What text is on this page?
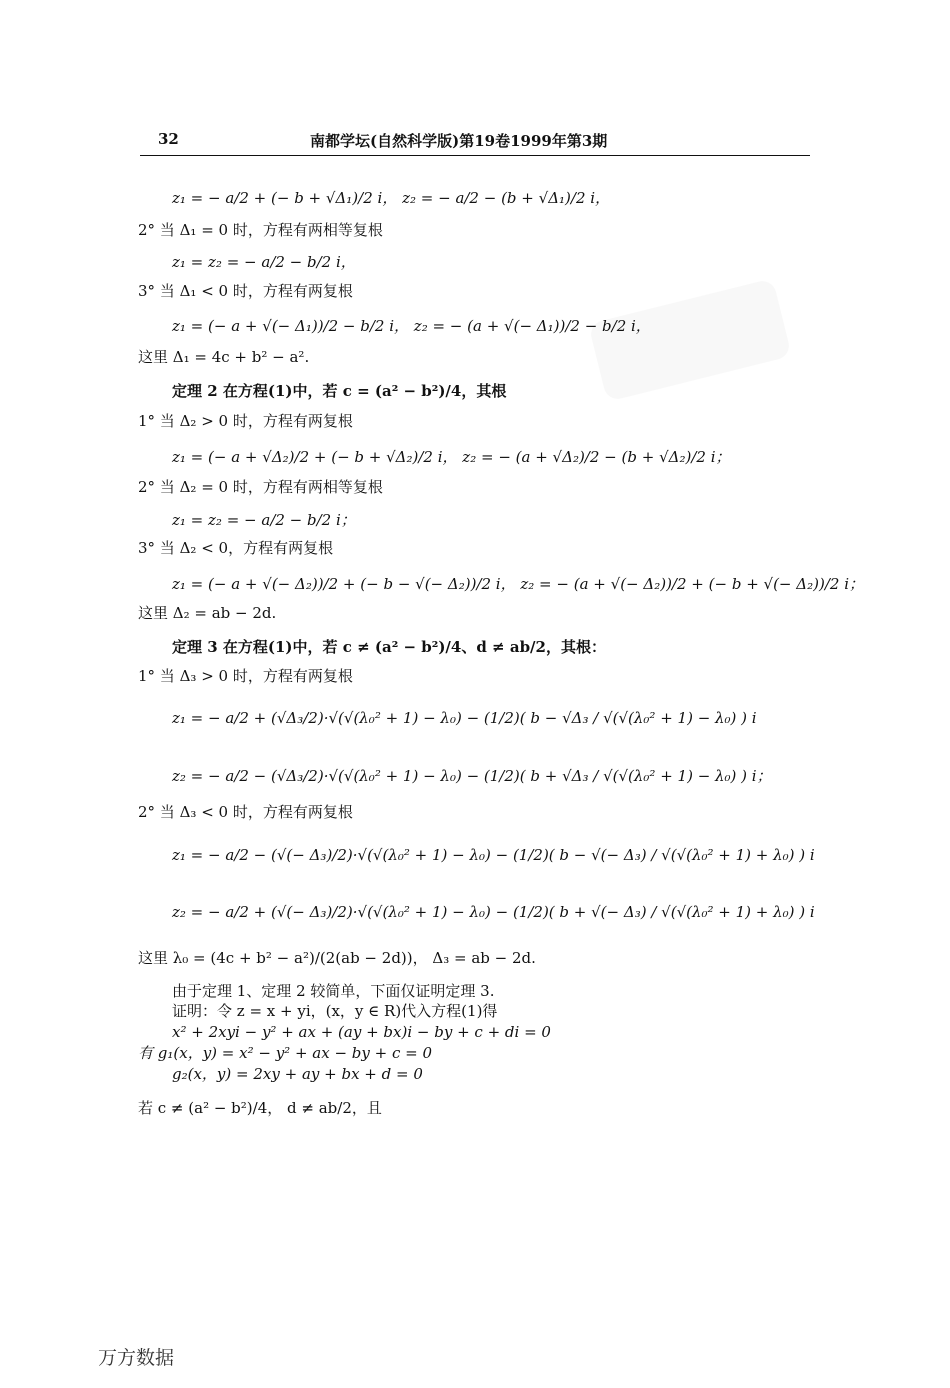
32	南都学坛(自然科学版)第19卷1999年第3期
z₁ = − a/2 + (− b + √Δ₁)/2 i， z₂ = − a/2 − (b + √Δ₁)/2 i，
2° 当 Δ₁ = 0 时，方程有两相等复根
z₁ = z₂ = − a/2 − b/2 i，
3° 当 Δ₁ < 0 时，方程有两复根
z₁ = (− a + √(− Δ₁))/2 − b/2 i， z₂ = − (a + √(− Δ₁))/2 − b/2 i，
这里 Δ₁ = 4c + b² − a².
定理 2 在方程(1)中，若 c = (a² − b²)/4，其根
1° 当 Δ₂ > 0 时，方程有两复根
z₁ = (− a + √Δ₂)/2 + (− b + √Δ₂)/2 i， z₂ = − (a + √Δ₂)/2 − (b + √Δ₂)/2 i；
2° 当 Δ₂ = 0 时，方程有两相等复根
z₁ = z₂ = − a/2 − b/2 i；
3° 当 Δ₂ < 0，方程有两复根
z₁ = (− a + √(− Δ₂))/2 + (− b − √(− Δ₂))/2 i， z₂ = − (a + √(− Δ₂))/2 + (− b + √(− Δ₂))/2 i；
这里 Δ₂ = ab − 2d.
定理 3 在方程(1)中，若 c ≠ (a² − b²)/4、d ≠ ab/2，其根：
1° 当 Δ₃ > 0 时，方程有两复根
z₁ = − a/2 + (√Δ₃/2)·√(√(λ₀² + 1) − λ₀) − (1/2)( b − √Δ₃ / √(√(λ₀² + 1) − λ₀) ) i
z₂ = − a/2 − (√Δ₃/2)·√(√(λ₀² + 1) − λ₀) − (1/2)( b + √Δ₃ / √(√(λ₀² + 1) − λ₀) ) i；
2° 当 Δ₃ < 0 时，方程有两复根
z₁ = − a/2 − (√(− Δ₃)/2)·√(√(λ₀² + 1) − λ₀) − (1/2)( b − √(− Δ₃) / √(√(λ₀² + 1) + λ₀) ) i
z₂ = − a/2 + (√(− Δ₃)/2)·√(√(λ₀² + 1) − λ₀) − (1/2)( b + √(− Δ₃) / √(√(λ₀² + 1) + λ₀) ) i
这里 λ₀ = (4c + b² − a²)/(2(ab − 2d))， Δ₃ = ab − 2d.
由于定理 1、定理 2 较简单，下面仅证明定理 3.
证明：令 z = x + yi，(x，y ∈ R)代入方程(1)得
x² + 2xyi − y² + ax + (ay + bx)i − by + c + di = 0
有 g₁(x，y) = x² − y² + ax − by + c = 0
g₂(x，y) = 2xy + ay + bx + d = 0
若 c ≠ (a² − b²)/4， d ≠ ab/2，且
万方数据
